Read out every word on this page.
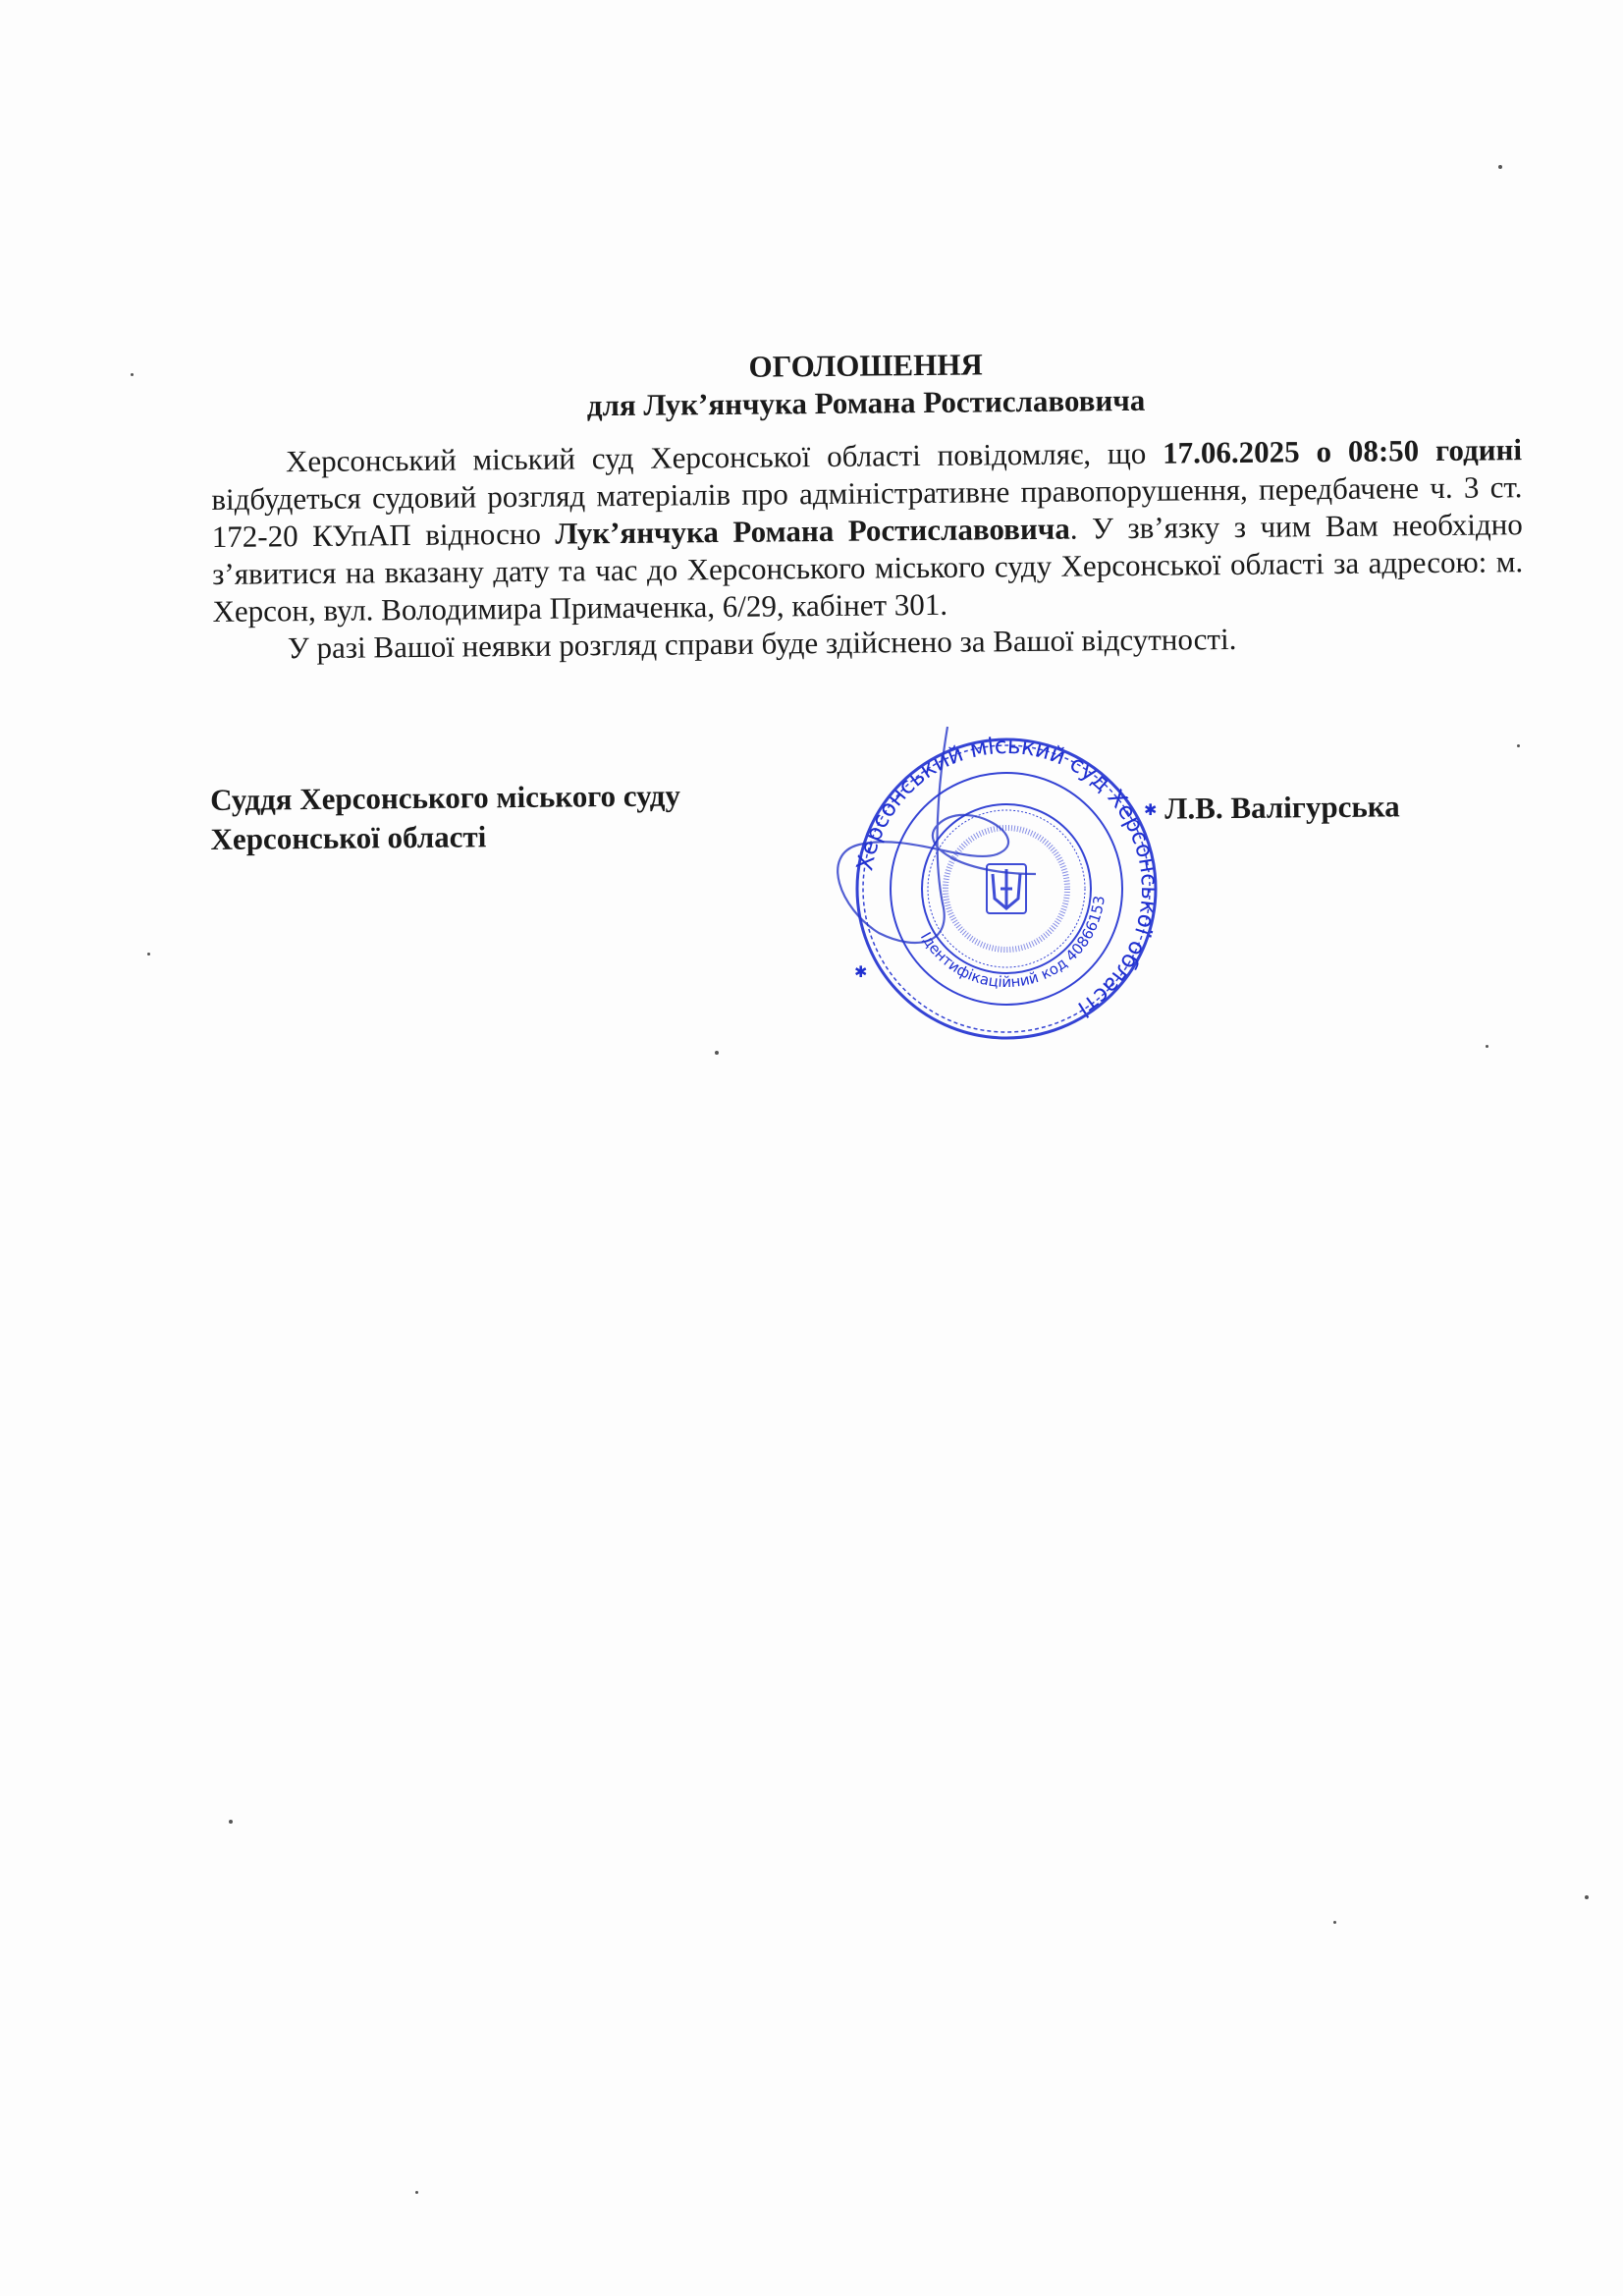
ОГОЛОШЕННЯ

для Лук’янчука Романа Ростиславовича

Херсонський міський суд Херсонської області повідомляє, що 17.06.2025 о 08:50 годині відбудеться судовий розгляд матеріалів про адміністративне правопорушення, передбачене ч. 3 ст. 172-20 КУпАП відносно Лук’янчука Романа Ростиславовича. У зв’язку з чим Вам необхідно з’явитися на вказану дату та час до Херсонського міського суду Херсонської області за адресою: м. Херсон, вул. Володимира Примаченка, 6/29, кабінет 301.

У разі Вашої неявки розгляд справи буде здійснено за Вашої відсутності.

Суддя Херсонського міського суду
Херсонської області
Л.В. Валігурська
Херсонський міський суд Херсонської області
Ідентифікаційний код 40866153
✱
✱
